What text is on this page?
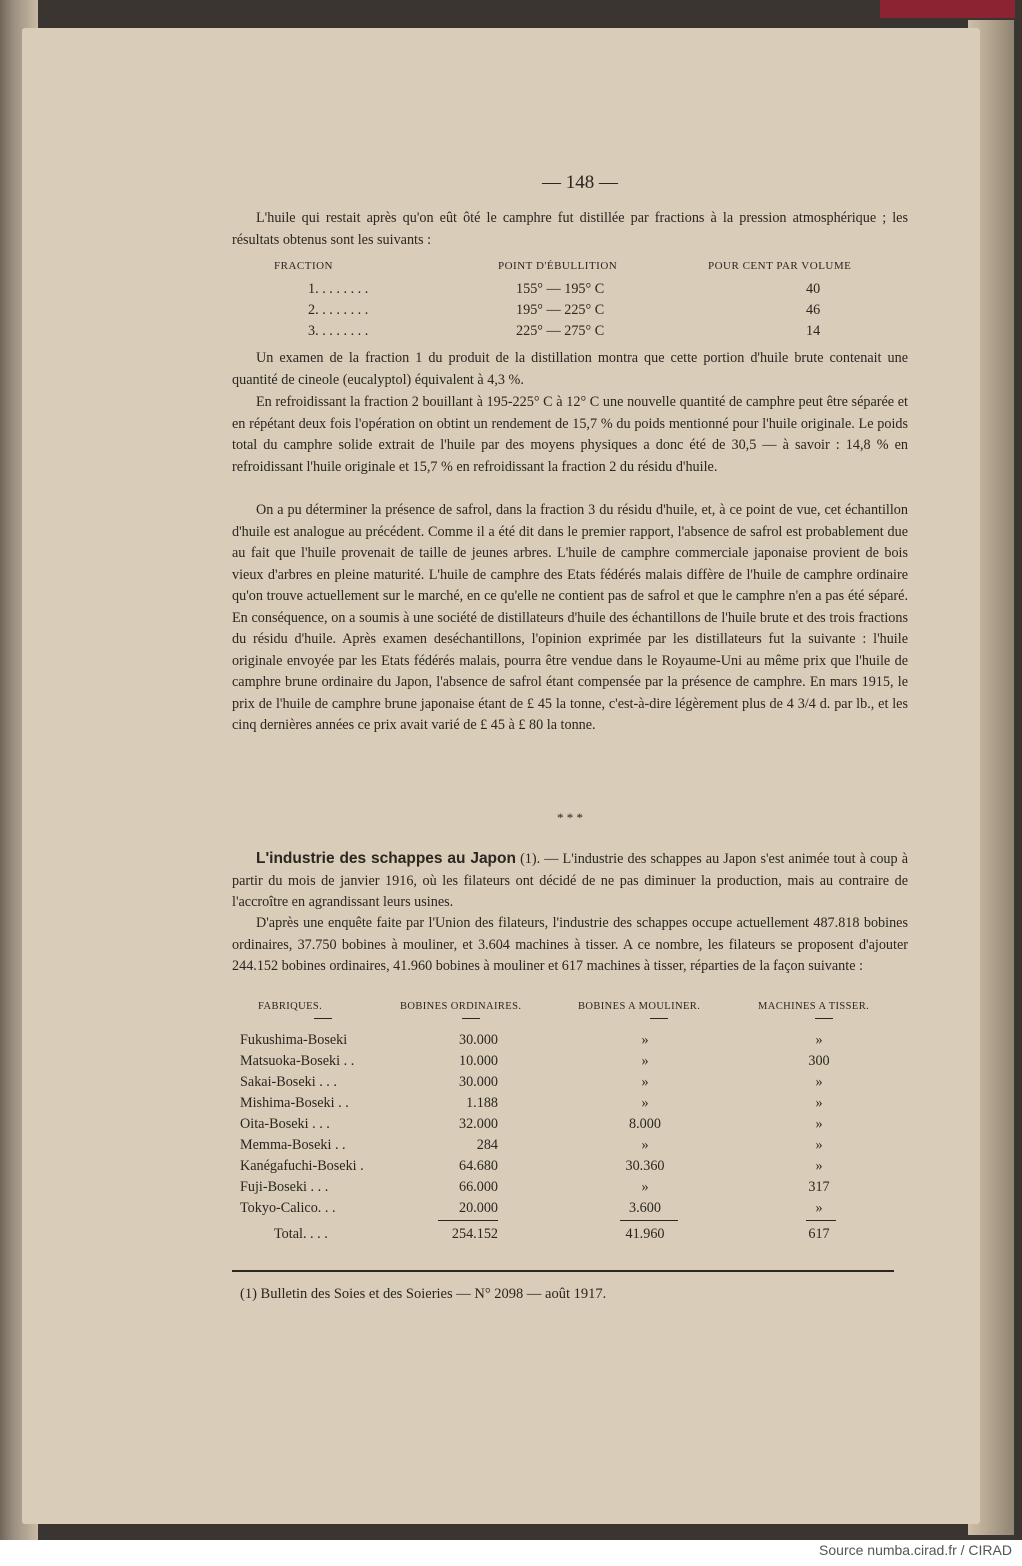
— 148 —

L'huile qui restait après qu'on eût ôté le camphre fut distillée par fractions à la pression atmosphérique ; les résultats obtenus sont les suivants :

FRACTION	POINT D'ÉBULLITION	POUR CENT PAR VOLUME
1. . . . . . . .	155° — 195° C	40
2. . . . . . . .	195° — 225° C	46
3. . . . . . . .	225° — 275° C	14

Un examen de la fraction 1 du produit de la distillation montra que cette portion d'huile brute contenait une quantité de cineole (eucalyptol) équivalent à 4,3 %.

En refroidissant la fraction 2 bouillant à 195-225° C à 12° C une nouvelle quantité de camphre peut être séparée et en répétant deux fois l'opération on obtint un rendement de 15,7 % du poids mentionné pour l'huile originale. Le poids total du camphre solide extrait de l'huile par des moyens physiques a donc été de 30,5 — à savoir : 14,8 % en refroidissant l'huile originale et 15,7 % en refroidissant la fraction 2 du résidu d'huile.

On a pu déterminer la présence de safrol, dans la fraction 3 du résidu d'huile, et, à ce point de vue, cet échantillon d'huile est analogue au précédent. Comme il a été dit dans le premier rapport, l'absence de safrol est probablement due au fait que l'huile provenait de taille de jeunes arbres. L'huile de camphre commerciale japonaise provient de bois vieux d'arbres en pleine maturité. L'huile de camphre des Etats fédérés malais diffère de l'huile de camphre ordinaire qu'on trouve actuellement sur le marché, en ce qu'elle ne contient pas de safrol et que le camphre n'en a pas été séparé. En conséquence, on a soumis à une société de distillateurs d'huile des échantillons de l'huile brute et des trois fractions du résidu d'huile. Après examen deséchantillons, l'opinion exprimée par les distillateurs fut la suivante : l'huile originale envoyée par les Etats fédérés malais, pourra être vendue dans le Royaume-Uni au même prix que l'huile de camphre brune ordinaire du Japon, l'absence de safrol étant compensée par la présence de camphre. En mars 1915, le prix de l'huile de camphre brune japonaise étant de £ 45 la tonne, c'est-à-dire légèrement plus de 4 3/4 d. par lb., et les cinq dernières années ce prix avait varié de £ 45 à £ 80 la tonne.

* * *

L'industrie des schappes au Japon (1). — L'industrie des schappes au Japon s'est animée tout à coup à partir du mois de janvier 1916, où les filateurs ont décidé de ne pas diminuer la production, mais au contraire de l'accroître en agrandissant leurs usines.

D'après une enquête faite par l'Union des filateurs, l'industrie des schappes occupe actuellement 487.818 bobines ordinaires, 37.750 bobines à mouliner, et 3.604 machines à tisser. A ce nombre, les filateurs se proposent d'ajouter 244.152 bobines ordinaires, 41.960 bobines à mouliner et 617 machines à tisser, réparties de la façon suivante :

FABRIQUES.	BOBINES ORDINAIRES.	BOBINES A MOULINER.	MACHINES A TISSER.
Fukushima-Boseki	30.000	»	»
Matsuoka-Boseki . .	10.000	»	300
Sakai-Boseki . . .	30.000	»	»
Mishima-Boseki . .	1.188	»	»
Oita-Boseki . . .	32.000	8.000	»
Memma-Boseki . .	284	»	»
Kanégafuchi-Boseki .	64.680	30.360	»
Fuji-Boseki . . .	66.000	»	317
Tokyo-Calico. . .	20.000	3.600	»
Total. . . .	254.152	41.960	617
(1) Bulletin des Soies et des Soieries — N° 2098 — août 1917.
Source numba.cirad.fr / CIRAD
